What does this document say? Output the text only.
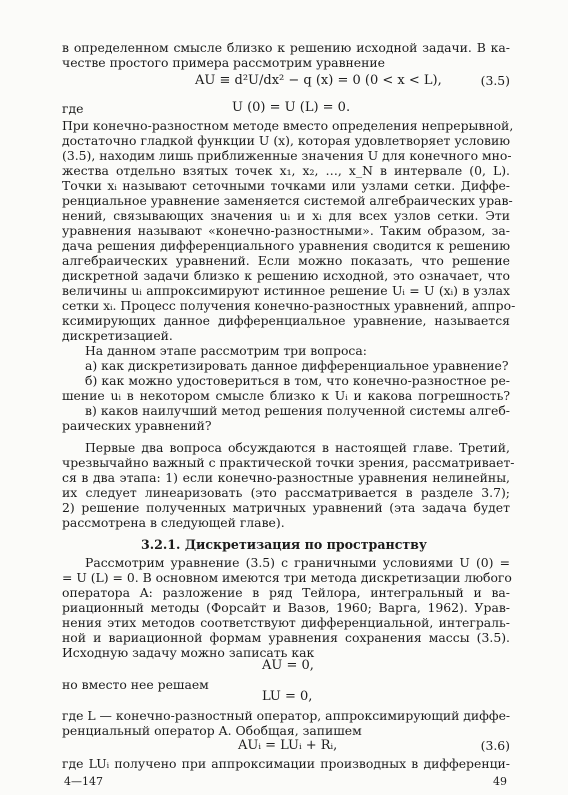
в определенном смысле близко к решению исходной задачи. В ка-
честве простого примера рассмотрим уравнение
AU ≡ d²U/dx² − q (x) = 0 (0 < x < L),	(3.5)
где	U (0) = U (L) = 0.
При конечно-разностном методе вместо определения непрерывной,
достаточно гладкой функции U (x), которая удовлетворяет условию
(3.5), находим лишь приближенные значения U для конечного мно-
жества отдельно взятых точек x₁, x₂, …, x_N в интервале (0, L).
Точки xᵢ называют сеточными точками или узлами сетки. Диффе-
ренциальное уравнение заменяется системой алгебраических урав-
нений, связывающих значения uᵢ и xᵢ для всех узлов сетки. Эти
уравнения называют «конечно-разностными». Таким образом, за-
дача решения дифференциального уравнения сводится к решению
алгебраических уравнений. Если можно показать, что решение
дискретной задачи близко к решению исходной, это означает, что
величины uᵢ аппроксимируют истинное решение Uᵢ = U (xᵢ) в узлах
сетки xᵢ. Процесс получения конечно-разностных уравнений, аппро-
ксимирующих данное дифференциальное уравнение, называется
дискретизацией.
На данном этапе рассмотрим три вопроса:
а) как дискретизировать данное дифференциальное уравнение?
б) как можно удостовериться в том, что конечно-разностное ре-
шение uᵢ в некотором смысле близко к Uᵢ и какова погрешность?
в) каков наилучший метод решения полученной системы алгеб-
раических уравнений?
Первые два вопроса обсуждаются в настоящей главе. Третий,
чрезвычайно важный с практической точки зрения, рассматривает-
ся в два этапа: 1) если конечно-разностные уравнения нелинейны,
их следует линеаризовать (это рассматривается в разделе 3.7);
2) решение полученных матричных уравнений (эта задача будет
рассмотрена в следующей главе).
3.2.1. Дискретизация по пространству
Рассмотрим уравнение (3.5) с граничными условиями U (0) =
= U (L) = 0. В основном имеются три метода дискретизации любого
оператора A: разложение в ряд Тейлора, интегральный и ва-
риационный методы (Форсайт и Вазов, 1960; Варга, 1962). Урав-
нения этих методов соответствуют дифференциальной, интеграль-
ной и вариационной формам уравнения сохранения массы (3.5).
Исходную задачу можно записать как
AU = 0,
но вместо нее решаем
LU = 0,
где L — конечно-разностный оператор, аппроксимирующий диффе-
ренциальный оператор A. Обобщая, запишем
AUᵢ = LUᵢ + Rᵢ,	(3.6)
где LUᵢ получено при аппроксимации производных в дифференци-
4—147	49
